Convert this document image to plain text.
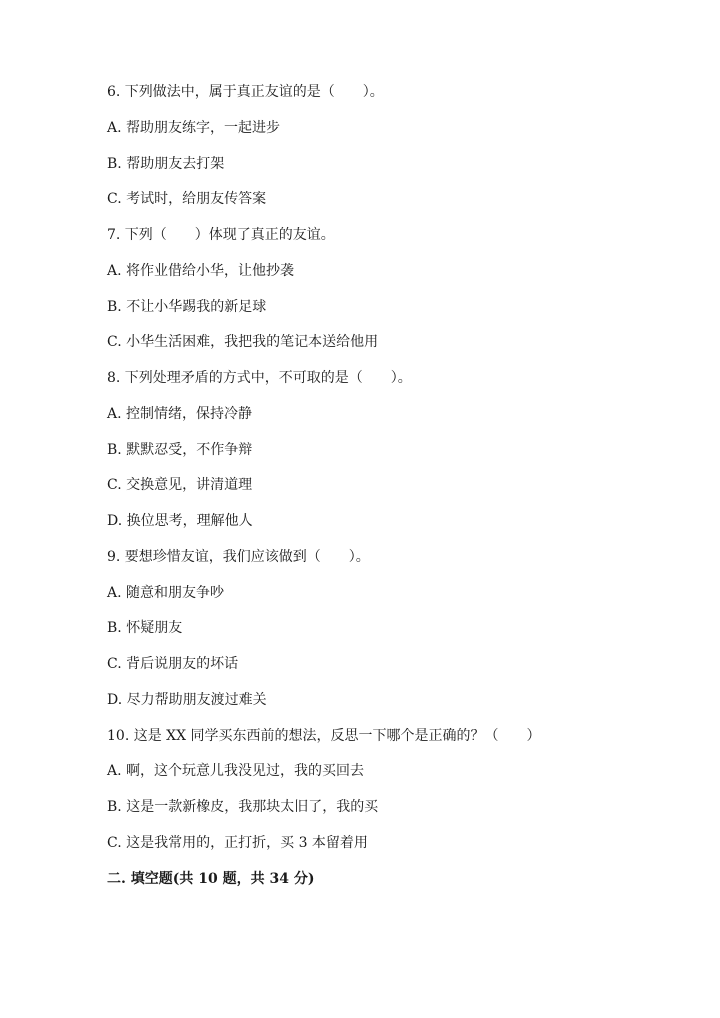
6. 下列做法中，属于真正友谊的是（　　）。
A. 帮助朋友练字，一起进步
B. 帮助朋友去打架
C. 考试时，给朋友传答案
7. 下列（　　）体现了真正的友谊。
A. 将作业借给小华，让他抄袭
B. 不让小华踢我的新足球
C. 小华生活困难，我把我的笔记本送给他用
8. 下列处理矛盾的方式中，不可取的是（　　）。
A. 控制情绪，保持冷静
B. 默默忍受，不作争辩
C. 交换意见，讲清道理
D. 换位思考，理解他人
9. 要想珍惜友谊，我们应该做到（　　）。
A. 随意和朋友争吵
B. 怀疑朋友
C. 背后说朋友的坏话
D. 尽力帮助朋友渡过难关
10. 这是 XX 同学买东西前的想法，反思一下哪个是正确的？（　　）
A. 啊，这个玩意儿我没见过，我的买回去
B. 这是一款新橡皮，我那块太旧了，我的买
C. 这是我常用的，正打折，买 3 本留着用
二. 填空题(共 10 题，共 34 分)
